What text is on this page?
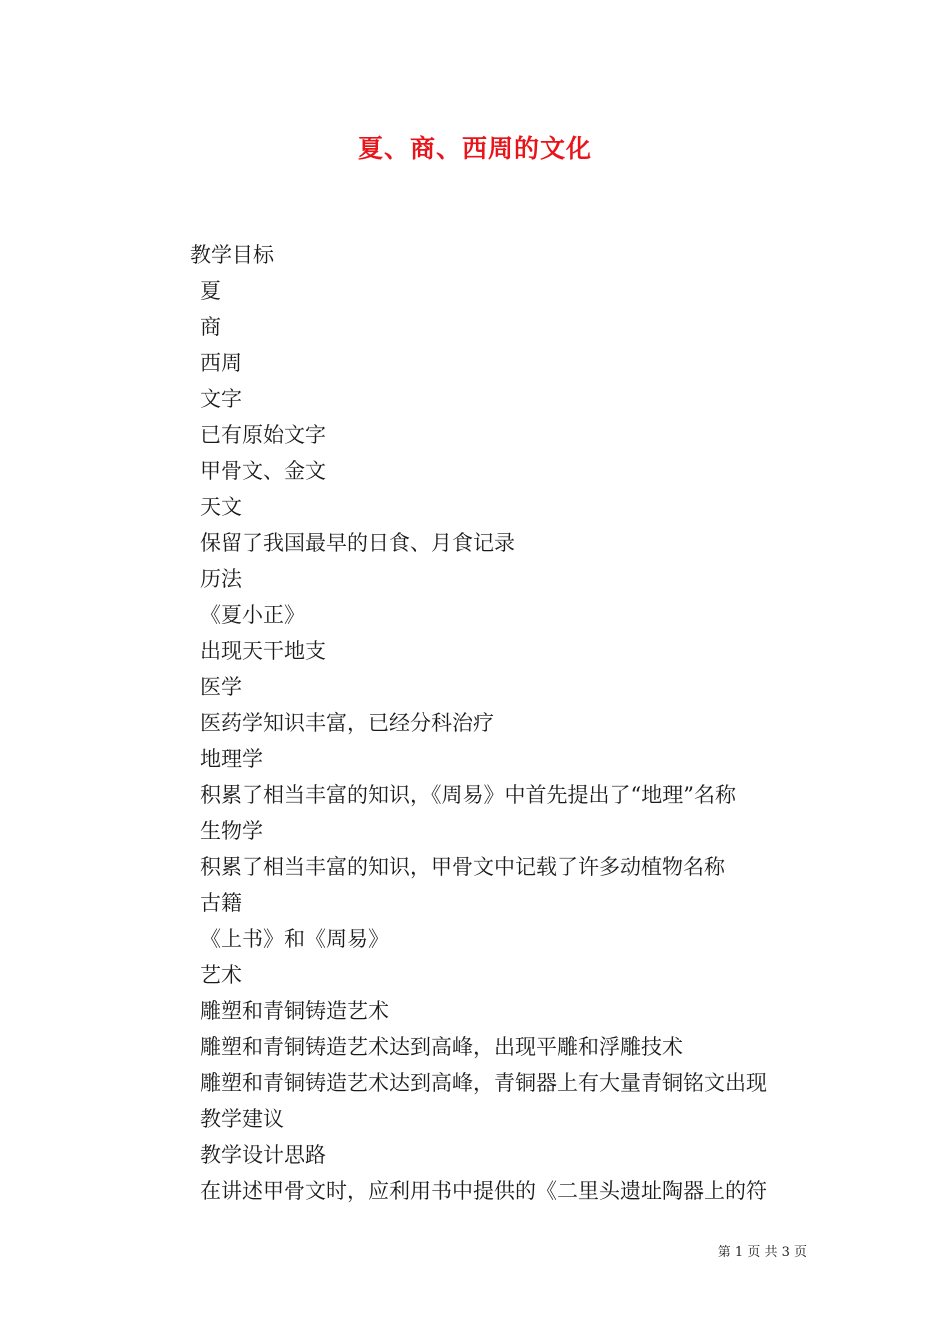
夏、商、西周的文化
教学目标
夏
商
西周
文字
已有原始文字
甲骨文、金文
天文
保留了我国最早的日食、月食记录
历法
《夏小正》
出现天干地支
医学
医药学知识丰富，已经分科治疗
地理学
积累了相当丰富的知识，《周易》中首先提出了“地理”名称
生物学
积累了相当丰富的知识，甲骨文中记载了许多动植物名称
古籍
《上书》和《周易》
艺术
雕塑和青铜铸造艺术
雕塑和青铜铸造艺术达到高峰，出现平雕和浮雕技术
雕塑和青铜铸造艺术达到高峰，青铜器上有大量青铜铭文出现
教学建议
教学设计思路
在讲述甲骨文时，应利用书中提供的《二里头遗址陶器上的符
第 1 页 共 3 页
